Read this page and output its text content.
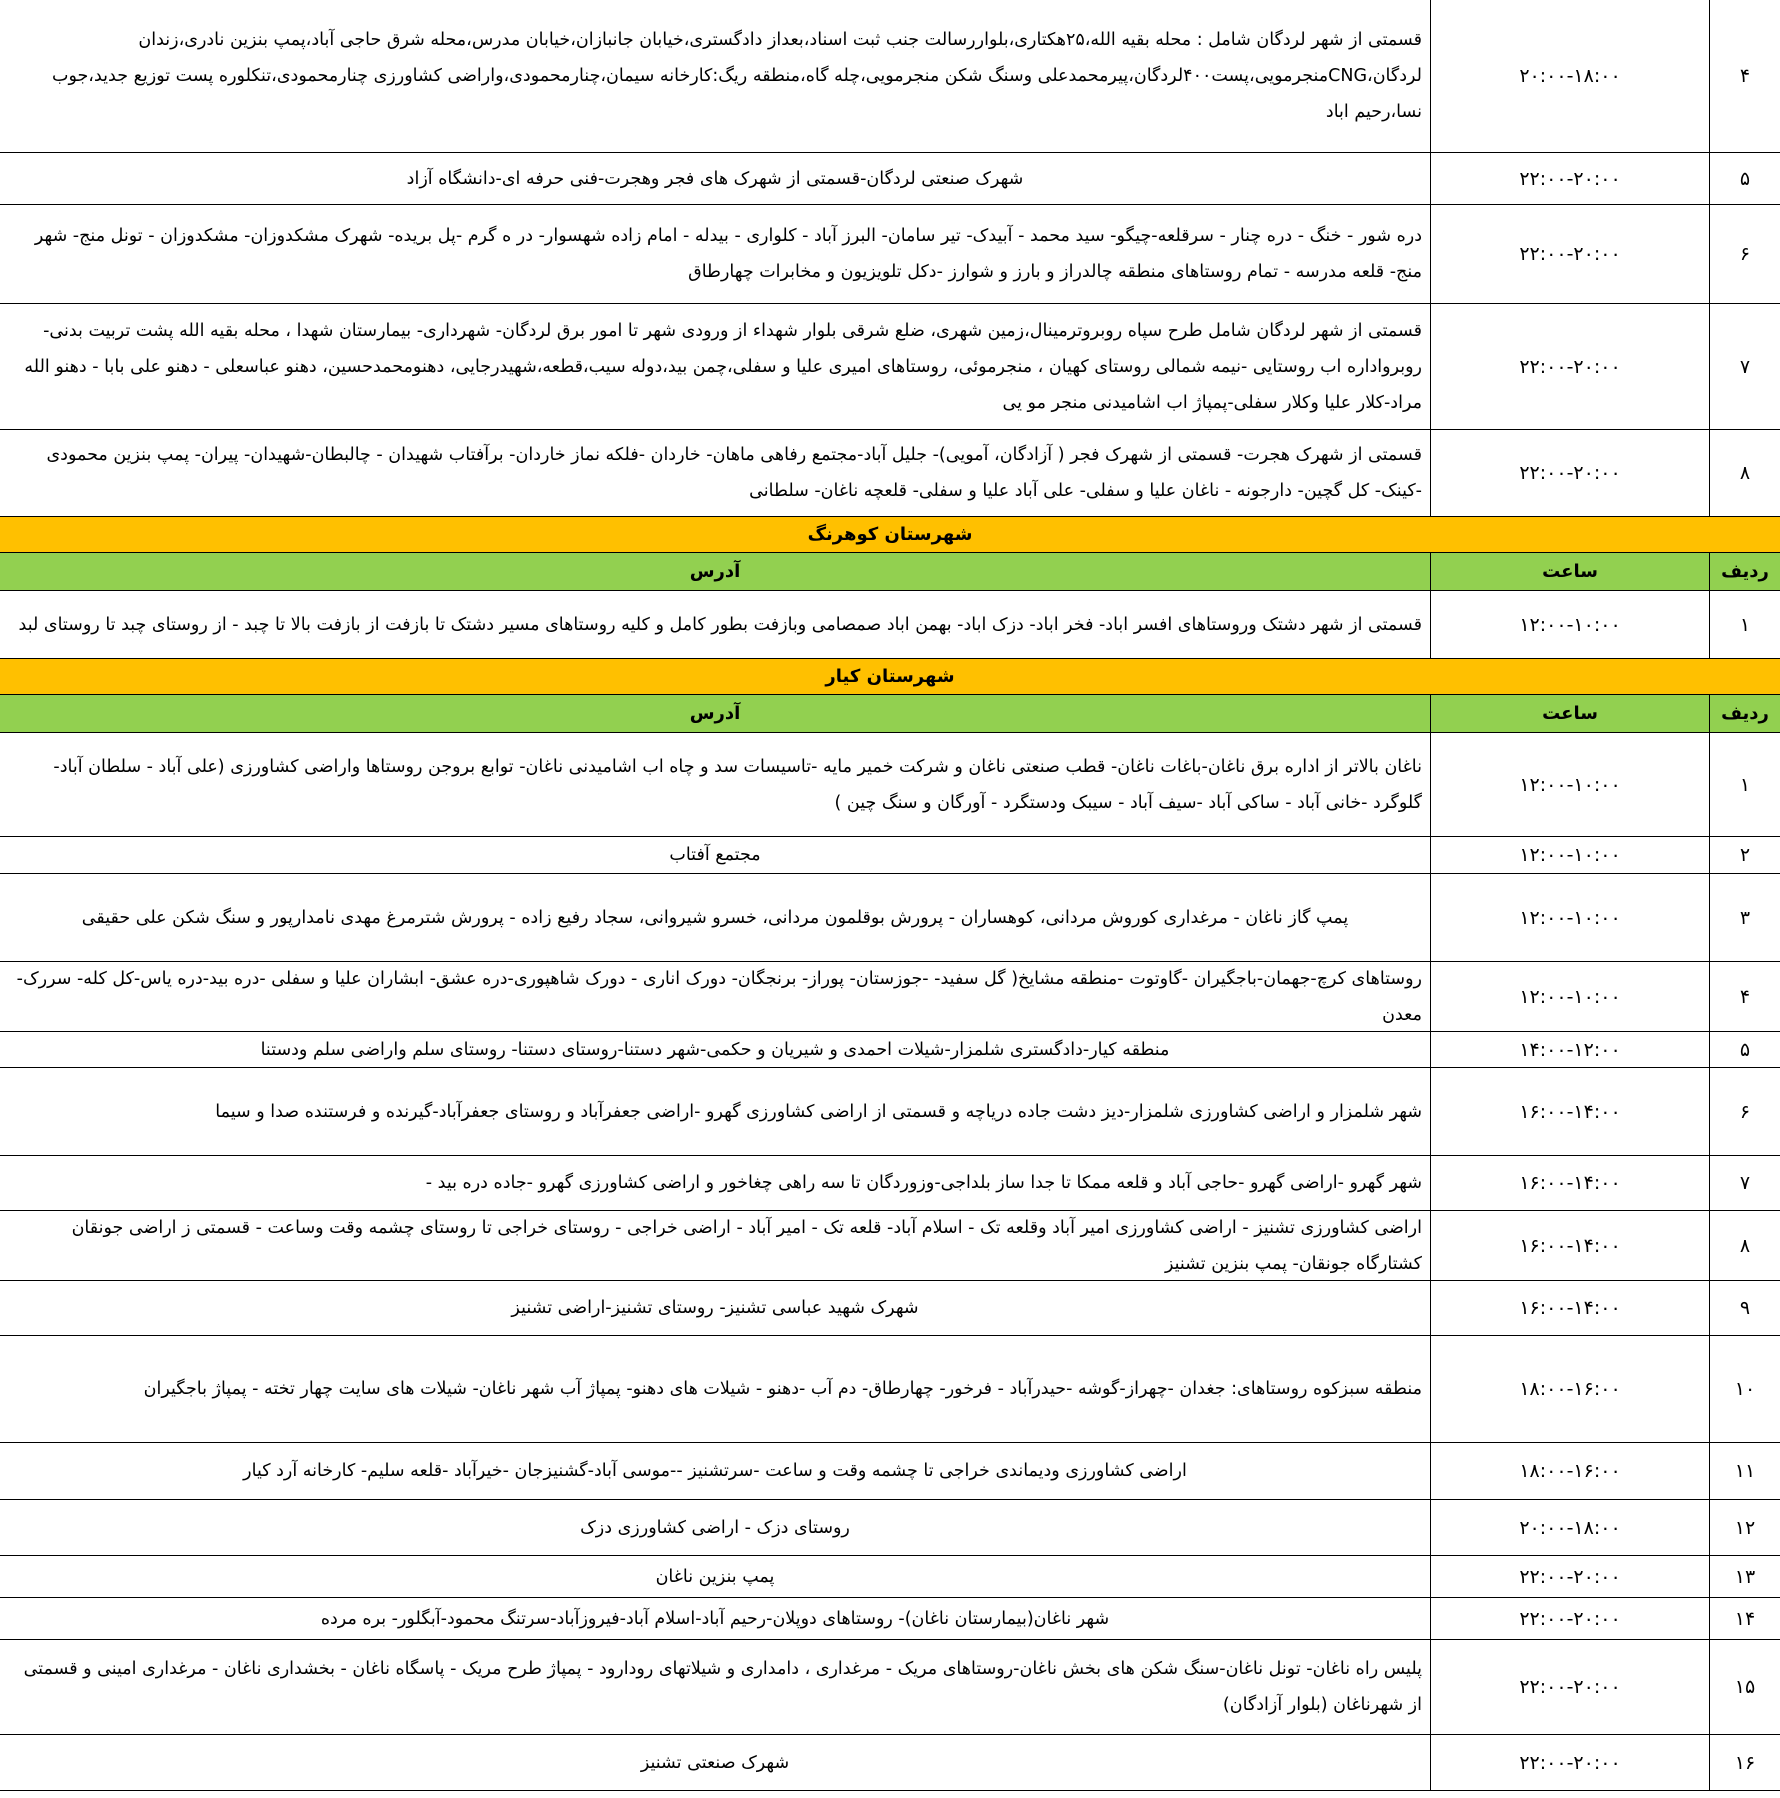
۴
۲۰:۰۰-۱۸:۰۰
قسمتی از شهر لردگان شامل : محله بقیه الله،۲۵هکتاری،بلواررسالت جنب ثبت اسناد،بعداز دادگستری،خیابان جانبازان،خیابان مدرس،محله شرق حاجی آباد،پمپ بنزین نادری،زندان لردگان،CNGمنجرمویی،پست۴۰۰لردگان،پیرمحمدعلی وسنگ شکن منجرمویی،چله گاه،منطقه ریگ:کارخانه سیمان،چنارمحمودی،واراضی کشاورزی چنارمحمودی،تنکلوره پست توزیع جدید،جوب نسا،رحیم اباد
۵
۲۲:۰۰-۲۰:۰۰
شهرک صنعتی لردگان-قسمتی از شهرک های فجر وهجرت-فنی حرفه ای-دانشگاه آزاد
۶
۲۲:۰۰-۲۰:۰۰
دره شور - خنگ - دره چنار - سرقلعه-چیگو- سید محمد - آبیدک- تیر سامان- البرز آباد - کلواری - بیدله - امام زاده شهسوار- در ه گرم -پل بریده- شهرک مشکدوزان- مشکدوزان - تونل منج- شهر منج- قلعه مدرسه - تمام روستاهای منطقه چالدراز و بارز و شوارز -دکل تلویزیون و مخابرات چهارطاق
۷
۲۲:۰۰-۲۰:۰۰
قسمتی از شهر لردگان شامل طرح سپاه روبروترمینال،زمین شهری، ضلع شرقی بلوار شهداء از ورودی شهر تا امور برق لردگان- شهرداری- بیمارستان شهدا ، محله بقیه الله پشت تربیت بدنی- روبرواداره اب روستایی -نیمه شمالی روستای کهیان ، منجرموئی، روستاهای امیری علیا و سفلی،چمن بید،دوله سیب،قطعه،شهیدرجایی، دهنومحمدحسین، دهنو عباسعلی - دهنو علی بابا - دهنو الله مراد-کلار علیا وکلار سفلی-پمپاژ اب اشامیدنی منجر مو یی
۸
۲۲:۰۰-۲۰:۰۰
قسمتی از شهرک هجرت- قسمتی از شهرک فجر ( آزادگان، آمویی)- جلیل آباد-مجتمع رفاهی ماهان- خاردان -فلکه نماز خاردان- برآفتاب شهیدان - چالبطان-شهیدان- پیران- پمپ بنزین محمودی -کینک- کل گچین- دارجونه - ناغان علیا و سفلی- علی آباد علیا و سفلی- قلعچه ناغان- سلطانی
شهرستان کوهرنگ
ردیف
ساعت
آدرس
۱
۱۲:۰۰-۱۰:۰۰
قسمتی از شهر دشتک وروستاهای افسر اباد- فخر اباد- دزک اباد- بهمن اباد صمصامی وبازفت بطور کامل و کلیه روستاهای مسیر دشتک تا بازفت از بازفت بالا تا چبد - از روستای چبد تا روستای لبد
شهرستان کیار
ردیف
ساعت
آدرس
۱
۱۲:۰۰-۱۰:۰۰
ناغان بالاتر از اداره برق ناغان-باغات ناغان- قطب صنعتی ناغان و شرکت خمیر مایه -تاسیسات سد و چاه اب اشامیدنی ناغان- توابع بروجن روستاها واراضی کشاورزی (علی آباد - سلطان آباد- گلوگرد -خانی آباد - ساکی آباد -سیف آباد - سیبک ودستگرد - آورگان و سنگ چین )
۲
۱۲:۰۰-۱۰:۰۰
مجتمع آفتاب
۳
۱۲:۰۰-۱۰:۰۰
پمپ گاز ناغان - مرغداری کوروش مردانی، کوهساران - پرورش بوقلمون مردانی، خسرو شیروانی، سجاد رفیع زاده - پرورش شترمرغ مهدی نامدارپور و سنگ شکن علی حقیقی
۴
۱۲:۰۰-۱۰:۰۰
روستاهای کرچ-جهمان-باجگیران -گاوتوت -منطقه مشایخ( گل سفید- -جوزستان- پوراز- برنجگان- دورک اناری - دورک شاهپوری-دره عشق- ابشاران علیا و سفلی -دره بید-دره یاس-کل کله- سررک-معدن
۵
۱۴:۰۰-۱۲:۰۰
منطقه کیار-دادگستری شلمزار-شیلات احمدی و شیریان و حکمی-شهر دستنا-روستای دستنا- روستای سلم واراضی سلم ودستنا
۶
۱۶:۰۰-۱۴:۰۰
شهر شلمزار و اراضی کشاورزی شلمزار-دیز دشت جاده دریاچه و قسمتی از اراضی کشاورزی گهرو -اراضی جعفرآباد و روستای جعفرآباد-گیرنده و فرستنده صدا و سیما
۷
۱۶:۰۰-۱۴:۰۰
شهر گهرو -اراضی گهرو -حاجی آباد و قلعه ممکا تا جدا ساز بلداجی-وزوردگان تا سه راهی چغاخور و اراضی کشاورزی گهرو -جاده دره بید -
۸
۱۶:۰۰-۱۴:۰۰
اراضی کشاورزی تشنیز - اراضی کشاورزی امیر آباد وقلعه تک - اسلام آباد- قلعه تک - امیر آباد - اراضی خراجی - روستای خراجی تا روستای چشمه وقت وساعت - قسمتی ز اراضی جونقان کشتارگاه جونقان- پمپ بنزین تشنیز
۹
۱۶:۰۰-۱۴:۰۰
شهرک شهید عباسی تشنیز- روستای تشنیز-اراضی تشنیز
۱۰
۱۸:۰۰-۱۶:۰۰
منطقه سبزکوه روستاهای: جغدان -چهراز-گوشه -حیدرآباد - فرخور- چهارطاق- دم آب -دهنو - شیلات های دهنو- پمپاژ آب شهر ناغان- شیلات های سایت چهار تخته - پمپاژ باجگیران
۱۱
۱۸:۰۰-۱۶:۰۰
اراضی کشاورزی ودیماندی خراجی تا چشمه وقت و ساعت -سرتشنیز --موسی آباد-گشنیزجان -خیرآباد -قلعه سلیم- کارخانه آرد کیار
۱۲
۲۰:۰۰-۱۸:۰۰
روستای دزک - اراضی کشاورزی دزک
۱۳
۲۲:۰۰-۲۰:۰۰
پمپ بنزین ناغان
۱۴
۲۲:۰۰-۲۰:۰۰
شهر ناغان(بیمارستان ناغان)- روستاهای دوپلان-رحیم آباد-اسلام آباد-فیروزآباد-سرتنگ محمود-آبگلور- بره مرده
۱۵
۲۲:۰۰-۲۰:۰۰
پلیس راه ناغان- تونل ناغان-سنگ شکن های بخش ناغان-روستاهای مریک - مرغداری ، دامداری و شیلاتهای رودارود - پمپاژ طرح مریک - پاسگاه ناغان - بخشداری ناغان - مرغداری امینی و قسمتی از شهرناغان (بلوار آزادگان)
۱۶
۲۲:۰۰-۲۰:۰۰
شهرک صنعتی تشنیز
